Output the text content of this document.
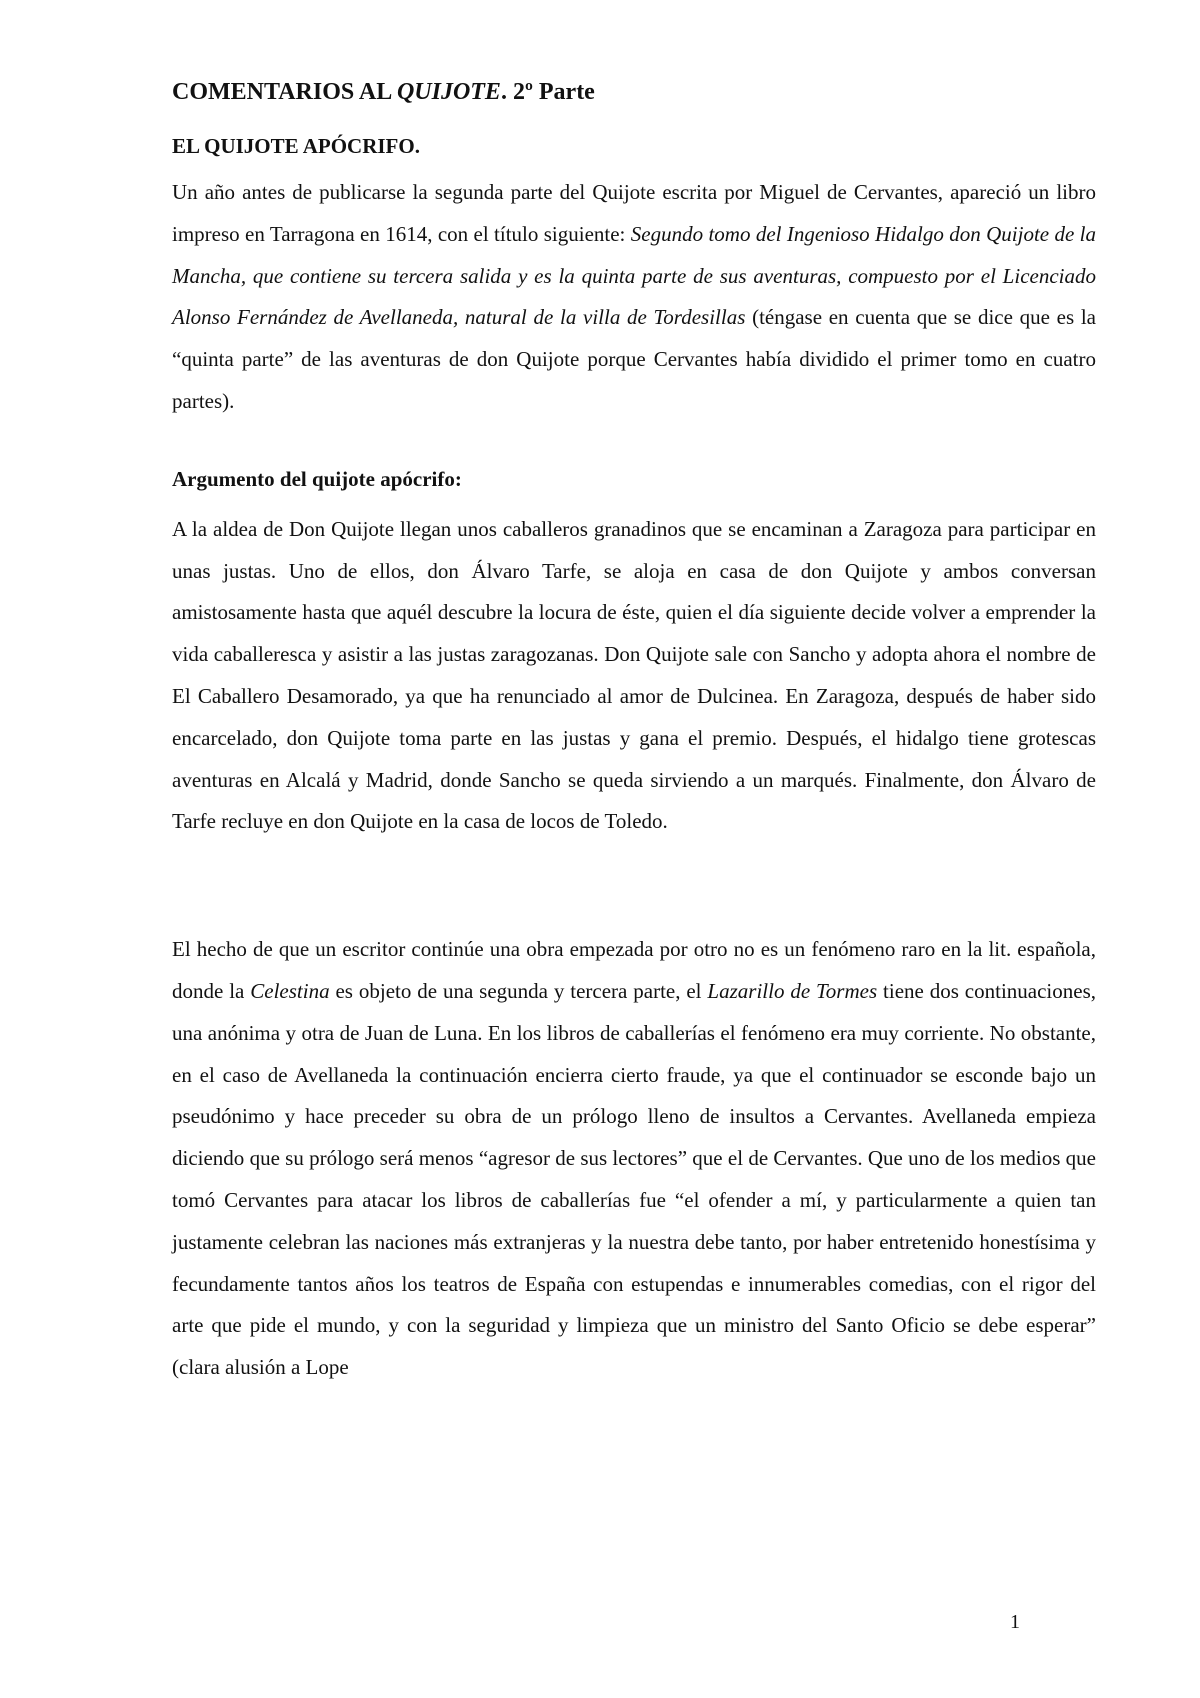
COMENTARIOS AL QUIJOTE. 2º Parte
EL QUIJOTE APÓCRIFO.

Un año antes de publicarse la segunda parte del Quijote escrita por Miguel de Cervantes, apareció un libro impreso en Tarragona en 1614, con el título siguiente: Segundo tomo del Ingenioso Hidalgo don Quijote de la Mancha, que contiene su tercera salida y es la quinta parte de sus aventuras, compuesto por el Licenciado Alonso Fernández de Avellaneda, natural de la villa de Tordesillas (téngase en cuenta que se dice que es la “quinta parte” de las aventuras de don Quijote porque Cervantes había dividido el primer tomo en cuatro partes).

Argumento del quijote apócrifo:

A la aldea de Don Quijote llegan unos caballeros granadinos que se encaminan a Zaragoza para participar en unas justas. Uno de ellos, don Álvaro Tarfe, se aloja en casa de don Quijote y ambos conversan amistosamente hasta que aquél descubre la locura de éste, quien el día siguiente decide volver a emprender la vida caballeresca y asistir a las justas zaragozanas. Don Quijote sale con Sancho y adopta ahora el nombre de El Caballero Desamorado, ya que ha renunciado al amor de Dulcinea. En Zaragoza, después de haber sido encarcelado, don Quijote toma parte en las justas y gana el premio. Después, el hidalgo tiene grotescas aventuras en Alcalá y Madrid, donde Sancho se queda sirviendo a un marqués. Finalmente, don Álvaro de Tarfe recluye en don Quijote en la casa de locos de Toledo.

El hecho de que un escritor continúe una obra empezada por otro no es un fenómeno raro en la lit. española, donde la Celestina es objeto de una segunda y tercera parte, el Lazarillo de Tormes tiene dos continuaciones, una anónima y otra de Juan de Luna. En los libros de caballerías el fenómeno era muy corriente. No obstante, en el caso de Avellaneda la continuación encierra cierto fraude, ya que el continuador se esconde bajo un pseudónimo y hace preceder su obra de un prólogo lleno de insultos a Cervantes. Avellaneda empieza diciendo que su prólogo será menos “agresor de sus lectores” que el de Cervantes. Que uno de los medios que tomó Cervantes para atacar los libros de caballerías fue “el ofender a mí, y particularmente a quien tan justamente celebran las naciones más extranjeras y la nuestra debe tanto, por haber entretenido honestísima y fecundamente tantos años los teatros de España con estupendas e innumerables comedias, con el rigor del arte que pide el mundo, y con la seguridad y limpieza que un ministro del Santo Oficio se debe esperar” (clara alusión a Lope

1
